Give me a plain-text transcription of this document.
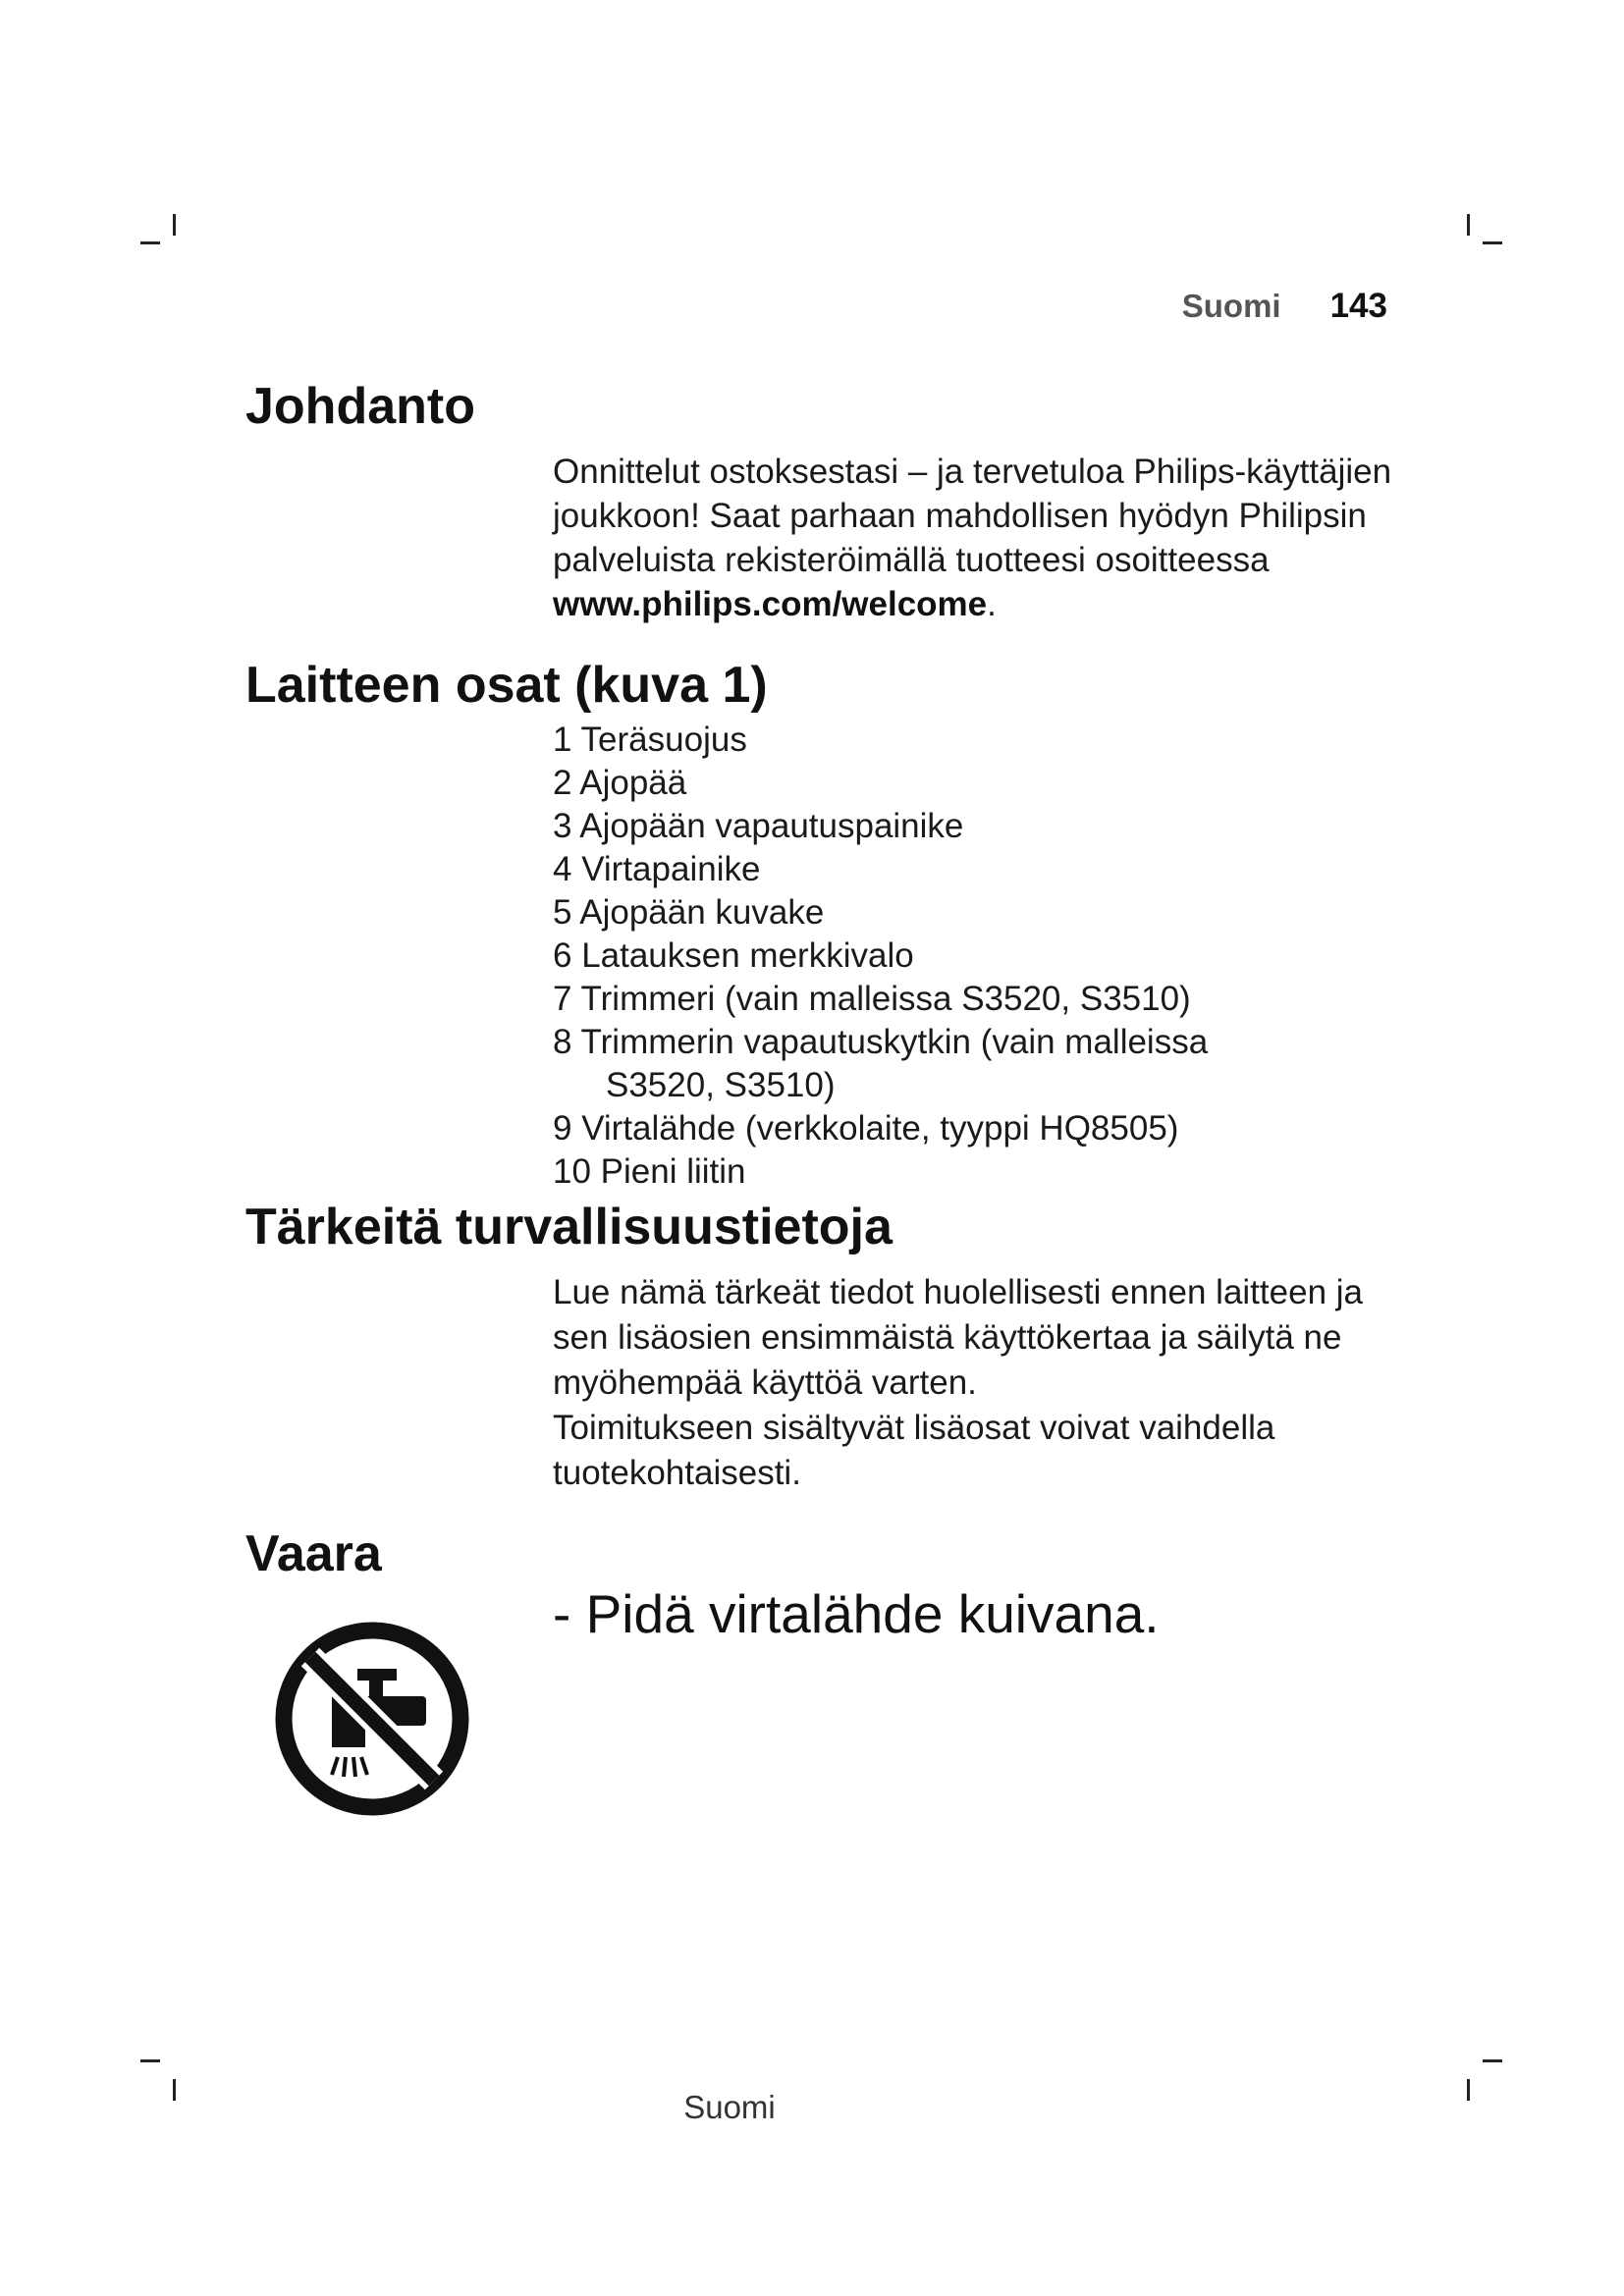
Suomi 143
Johdanto
Onnittelut ostoksestasi – ja tervetuloa Philips-käyttäjien joukkoon! Saat parhaan mahdollisen hyödyn Philipsin palveluista rekisteröimällä tuotteesi osoitteessa www.philips.com/welcome.
Laitteen osat (kuva 1)
1 Teräsuojus
2 Ajopää
3 Ajopään vapautuspainike
4 Virtapainike
5 Ajopään kuvake
6 Latauksen merkkivalo
7 Trimmeri (vain malleissa S3520, S3510)
8 Trimmerin vapautuskytkin (vain malleissa
S3520, S3510)
9 Virtalähde (verkkolaite, tyyppi HQ8505)
10 Pieni liitin
Tärkeitä turvallisuustietoja

Lue nämä tärkeät tiedot huolellisesti ennen laitteen ja sen lisäosien ensimmäistä käyttökertaa ja säilytä ne myöhempää käyttöä varten.

Toimitukseen sisältyvät lisäosat voivat vaihdella tuotekohtaisesti.

Vaara

- Pidä virtalähde kuivana.

Suomi
